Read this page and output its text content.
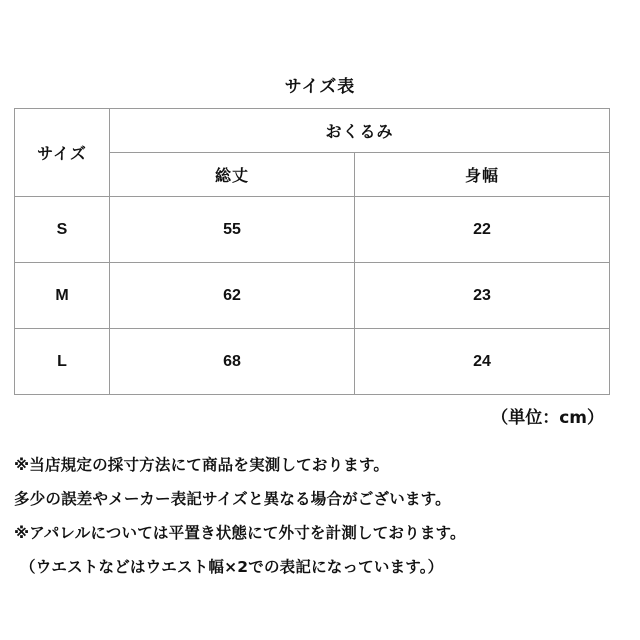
サイズ表
サイズ	おくるみ	
	総丈	身幅
S	55	22
M	62	23
L	68	24
（単位：cm）
※当店規定の採寸方法にて商品を実測しております。
多少の誤差やメーカー表記サイズと異なる場合がございます。
※アパレルについては平置き状態にて外寸を計測しております。
（ウエストなどはウエスト幅×2での表記になっています。）
